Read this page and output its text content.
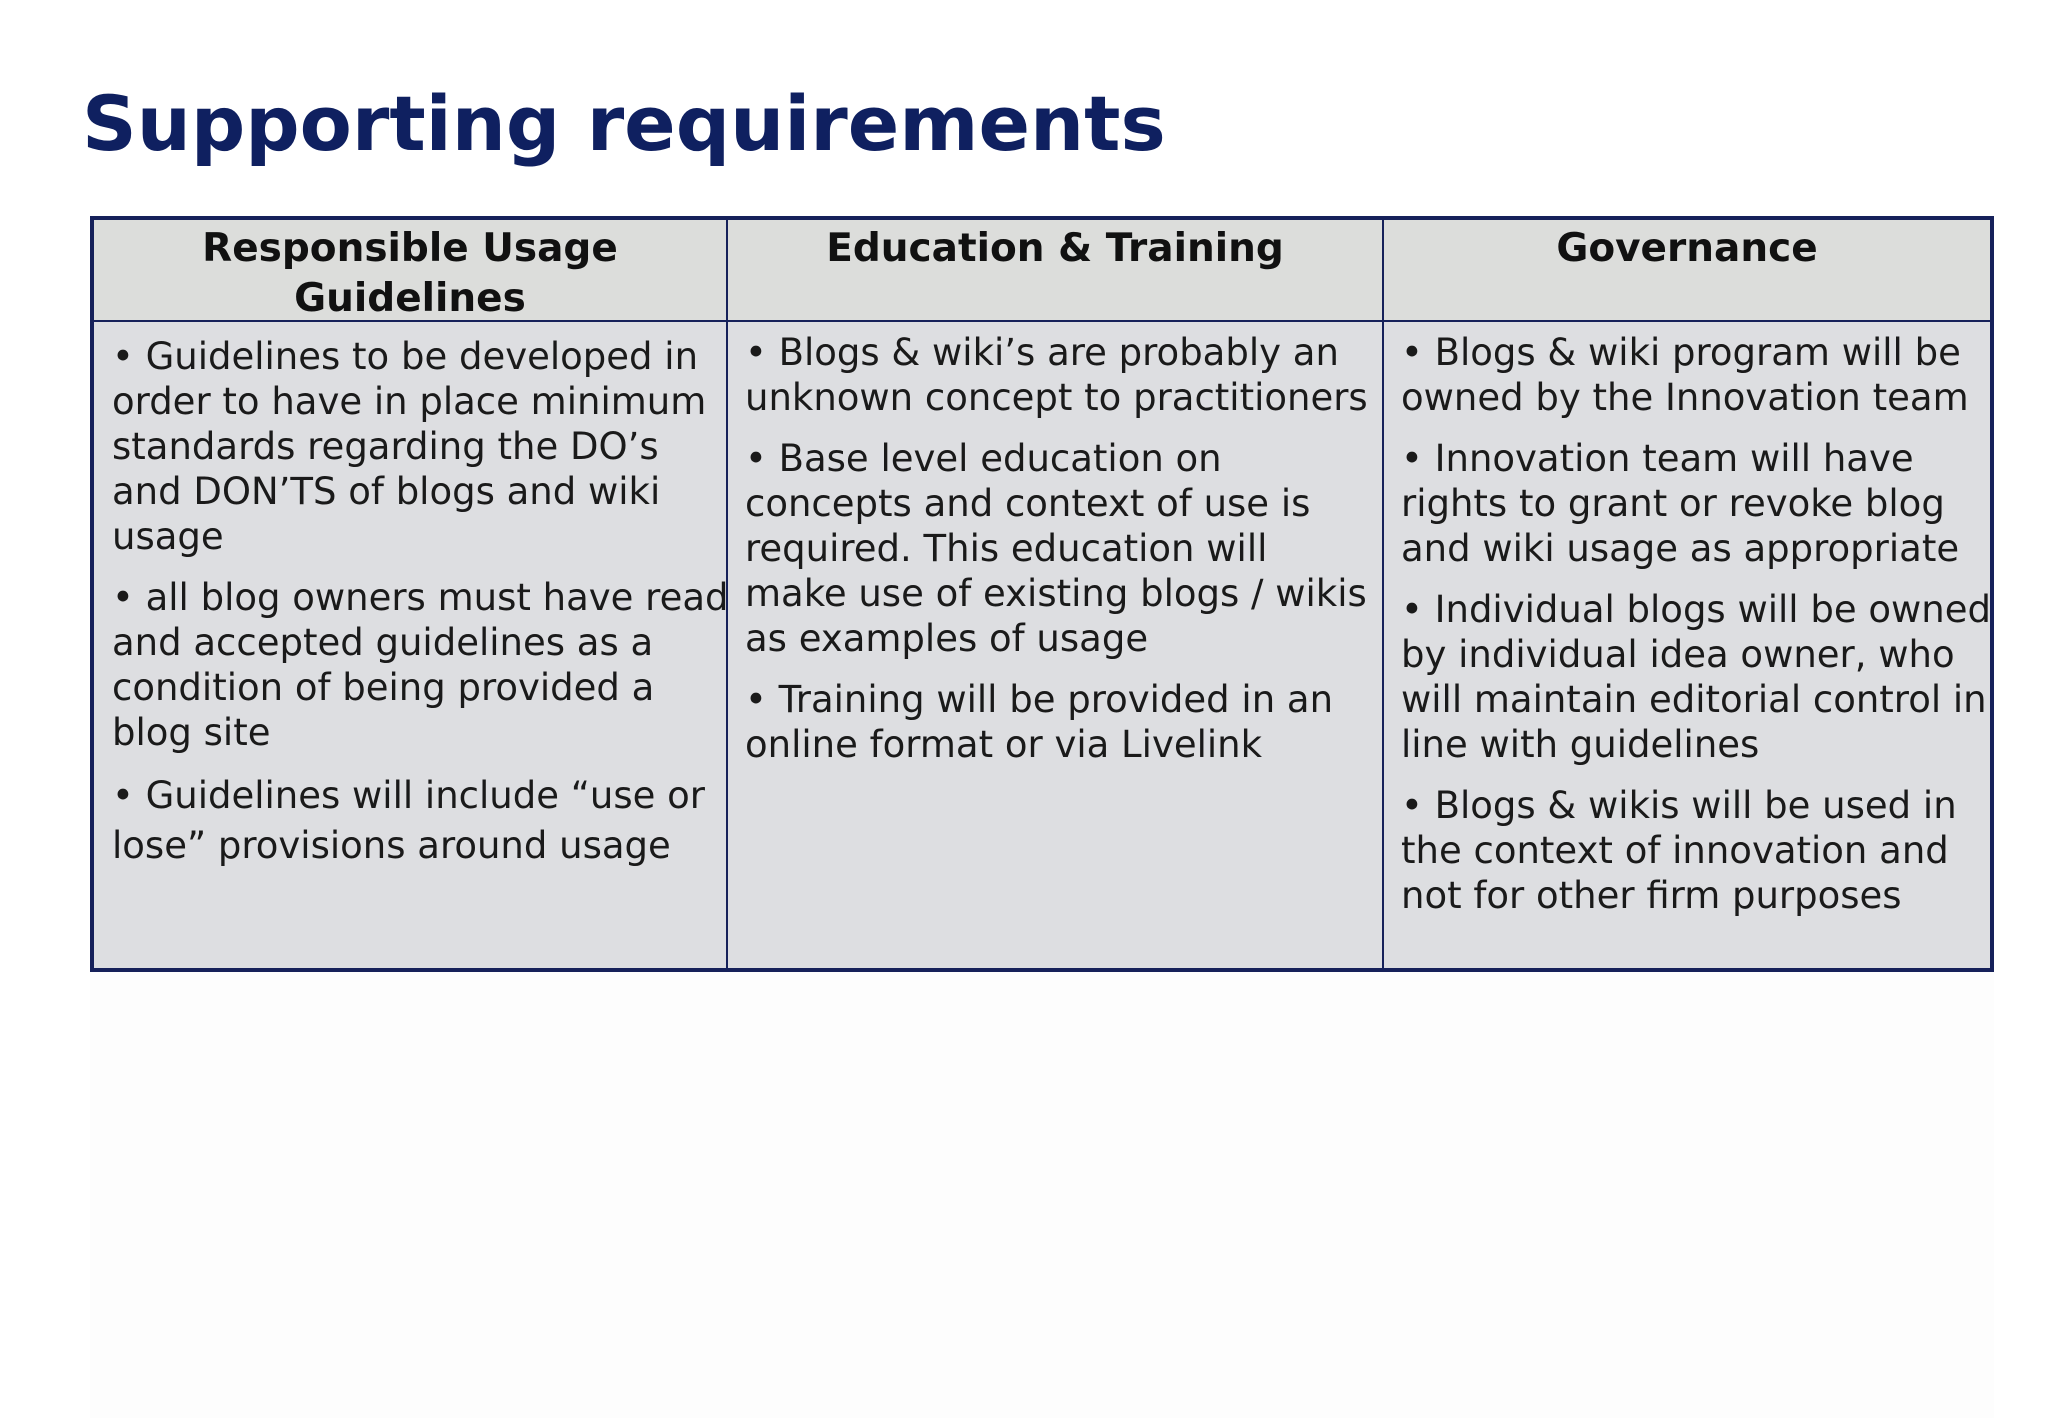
Supporting requirements
Responsible Usage
Guidelines
Education & Training	Governance
• Guidelines to be developed in
order to have in place minimum
standards regarding the DO’s
and DON’TS of blogs and wiki
usage
• all blog owners must have read
and accepted guidelines as a
condition of being provided a
blog site
• Guidelines will include “use or
lose” provisions around usage
• Blogs & wiki’s are probably an
unknown concept to practitioners
• Base level education on
concepts and context of use is
required. This education will
make use of existing blogs / wikis
as examples of usage
• Training will be provided in an
online format or via Livelink
• Blogs & wiki program will be
owned by the Innovation team
• Innovation team will have
rights to grant or revoke blog
and wiki usage as appropriate
• Individual blogs will be owned
by individual idea owner, who
will maintain editorial control in
line with guidelines
• Blogs & wikis will be used in
the context of innovation and
not for other firm purposes
